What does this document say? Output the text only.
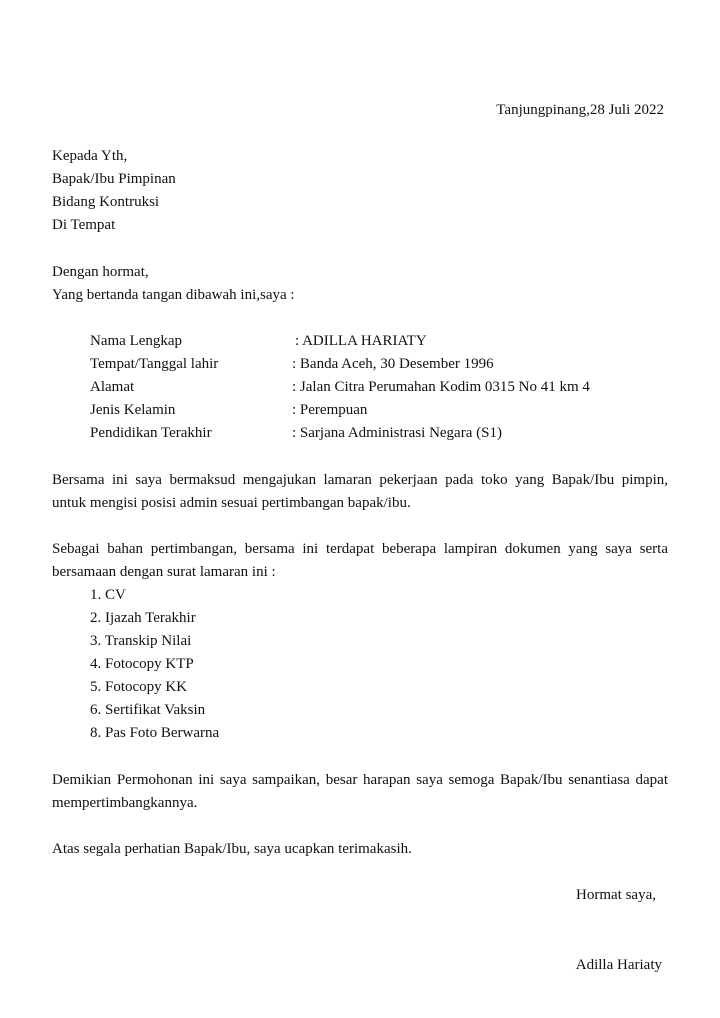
Tanjungpinang,28 Juli 2022
Kepada Yth,
Bapak/Ibu Pimpinan
Bidang Kontruksi
Di Tempat
Dengan hormat,
Yang bertanda tangan dibawah ini,saya :
Nama Lengkap	: ADILLA HARIATY
Tempat/Tanggal lahir	: Banda Aceh, 30 Desember 1996
Alamat	: Jalan Citra Perumahan Kodim 0315 No 41 km 4
Jenis Kelamin	: Perempuan
Pendidikan Terakhir	: Sarjana Administrasi Negara (S1)
Bersama ini saya bermaksud mengajukan lamaran pekerjaan pada toko yang Bapak/Ibu pimpin,
untuk mengisi posisi admin sesuai pertimbangan bapak/ibu.
Sebagai bahan pertimbangan, bersama ini terdapat beberapa lampiran dokumen yang saya serta
bersamaan dengan surat lamaran ini :
1. CV
2. Ijazah Terakhir
3. Transkip Nilai
4. Fotocopy KTP
5. Fotocopy KK
6. Sertifikat Vaksin
8. Pas Foto Berwarna
Demikian Permohonan ini saya sampaikan, besar harapan saya semoga Bapak/Ibu senantiasa dapat
mempertimbangkannya.
Atas segala perhatian Bapak/Ibu, saya ucapkan terimakasih.
Hormat saya,
Adilla Hariaty
